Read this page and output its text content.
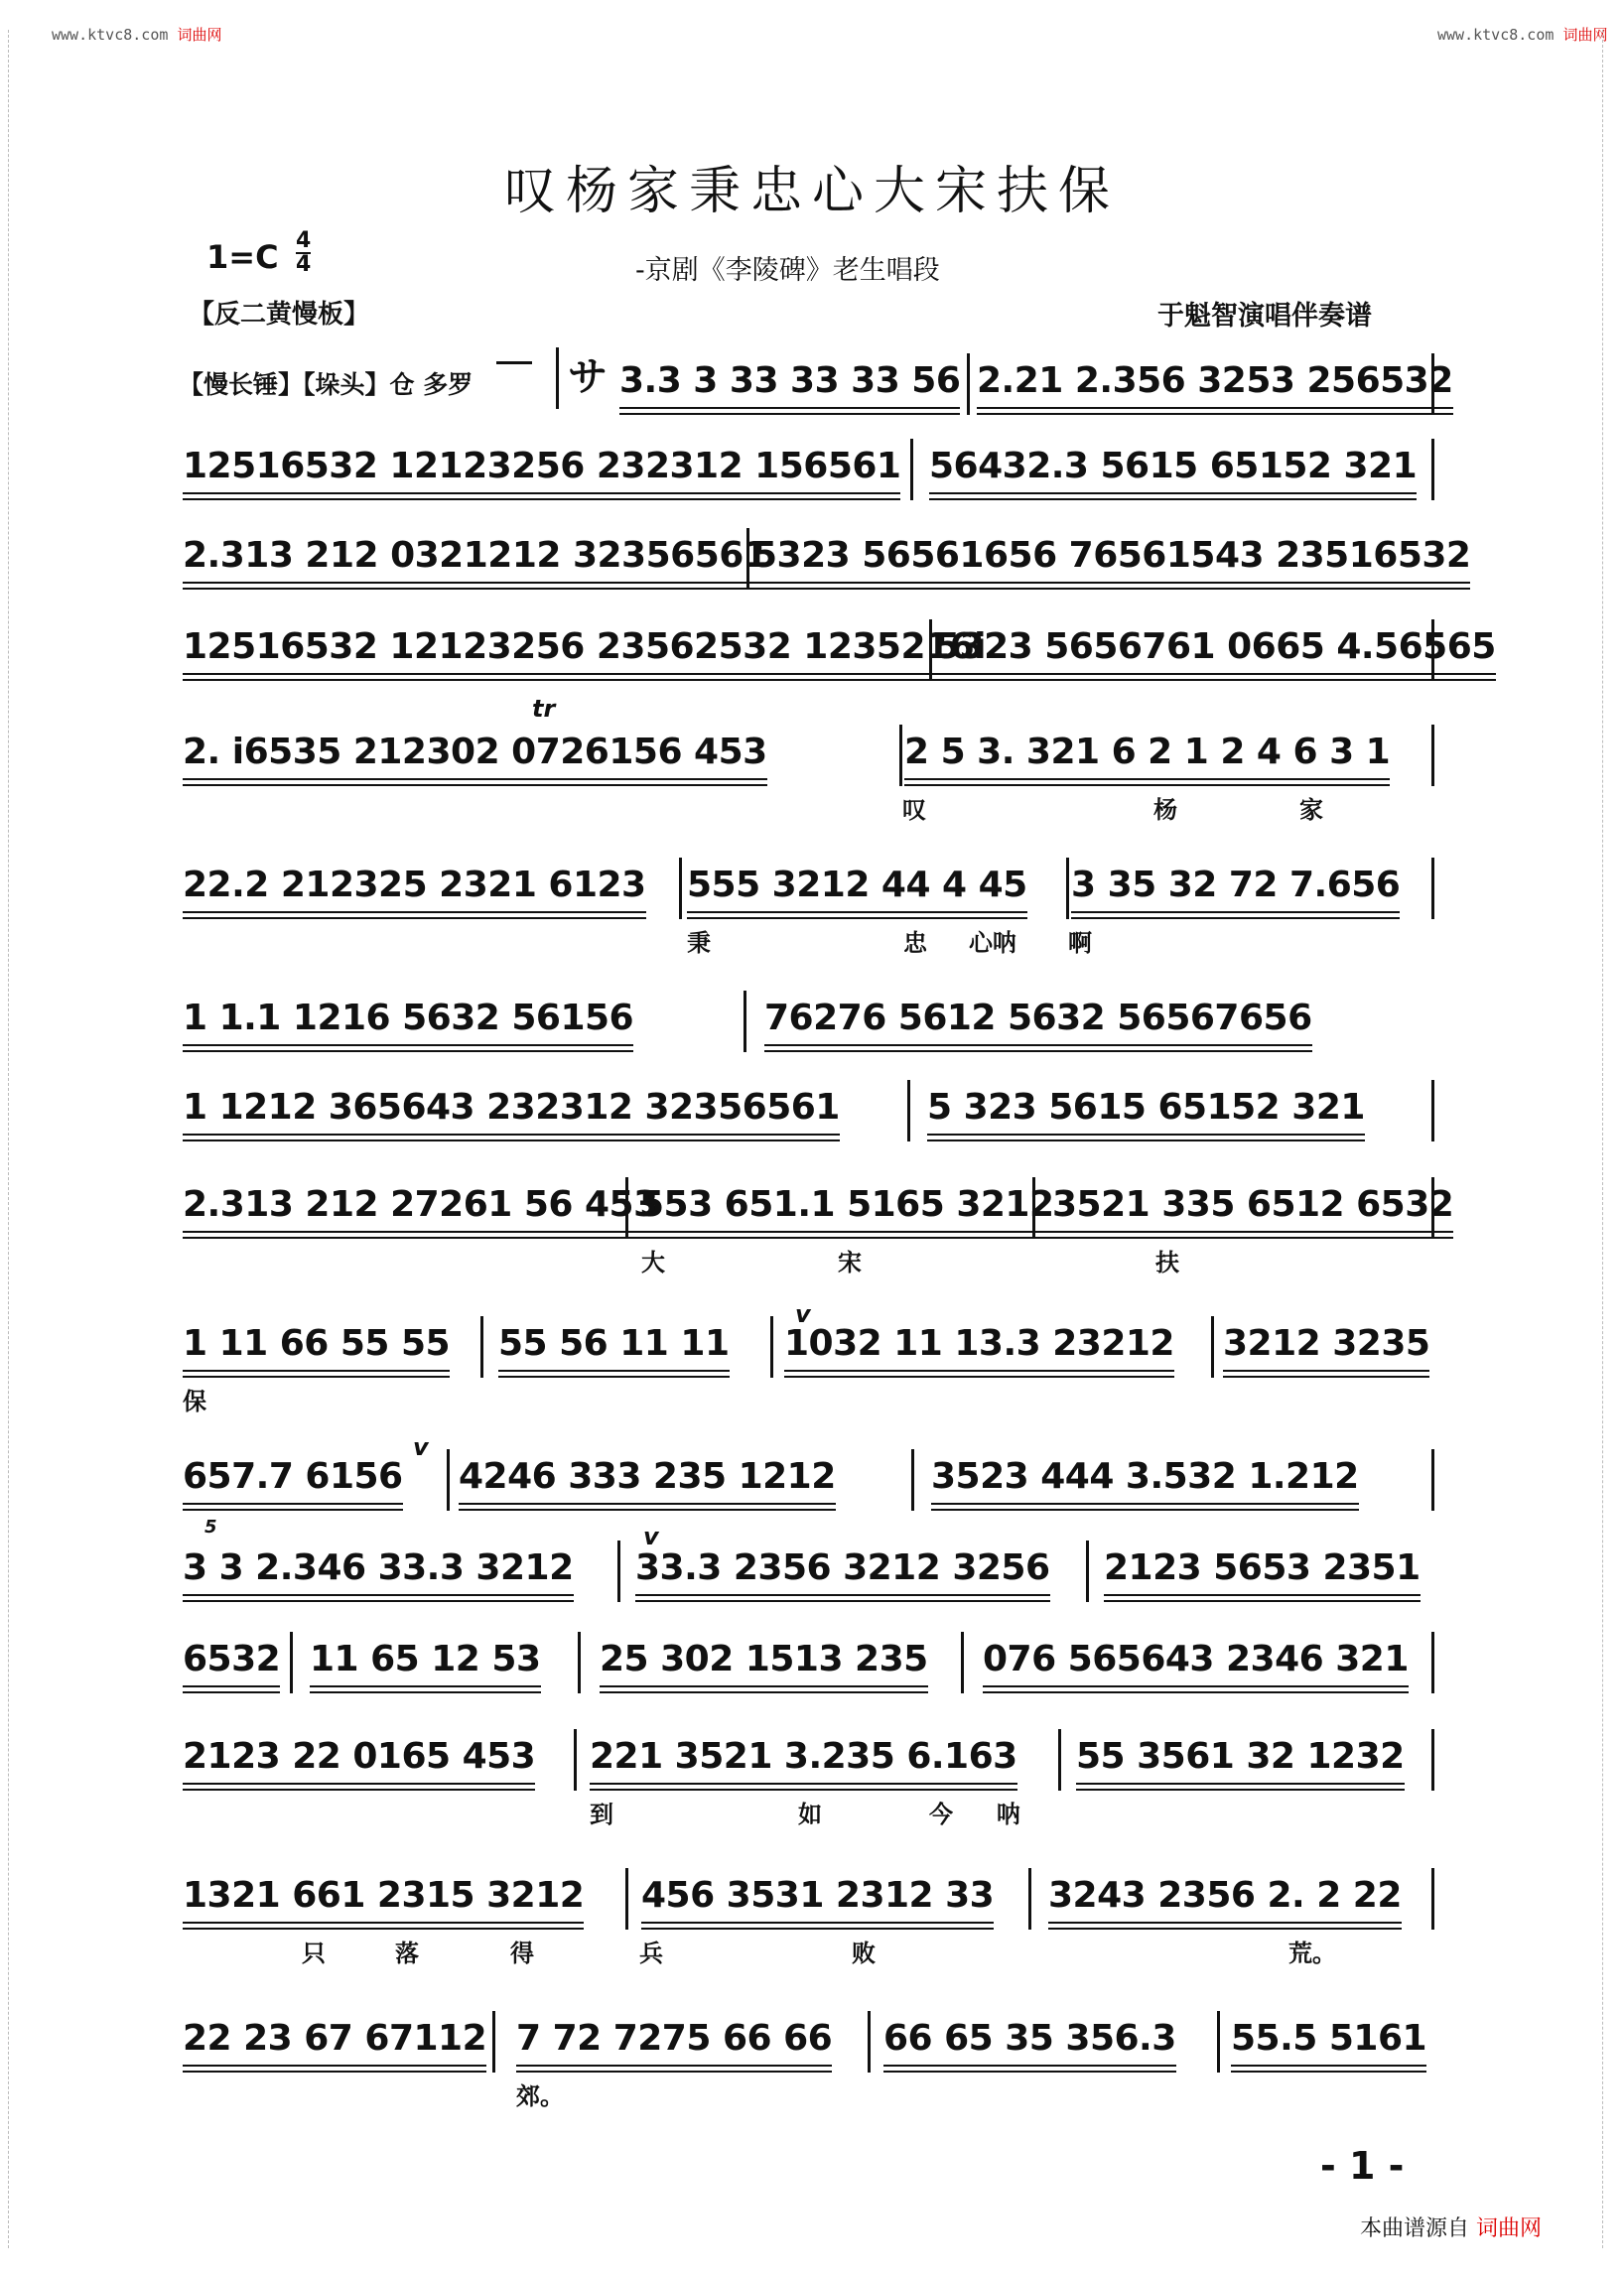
www.ktvc8.com 词曲网	www.ktvc8.com 词曲网
叹杨家秉忠心大宋扶保
1=C 4
4	-京剧《李陵碑》老生唱段
【反二黄慢板】	于魁智演唱伴奏谱
【慢长锤】【垛头】仓 多罗 サ 3.3 3 33 33 33 56 2.21 2.356 3253 256532
12516532 12123256 232312 156561 56432.3 5615 65152 321
2.313 212 0321212 32356561
5323 56561656 76561543 23516532
12516532 12123256 23562532 1235216i
5323 5656761 0665 4.56565
tr
2. i6535 212302 0726156 453	2 5 3. 321 6 2 1 2 4 6 3 1
叹	杨	家
22.2 212325 2321 6123 555 3212 44 4 45 3 35 32 72 7.656
秉	忠 心呐 啊
1 1.1 1216 5632 56156	76276 5612 5632 56567656
1 1212 365643 232312 32356561 5 323 5615 65152 321
2.313 212 27261 56 453
553 651.1 5165 3212
3521 335 6512 6532
大	宋	扶
v
1 11 66 55 55 55 56 11 11 1032 11 13.3 23212 3212 3235
保
v
657.7 6156 4246 333 235 1212	3523 444 3.532 1.212
5	v
3 3 2.346 33.3 3212 33.3 2356 3212 3256 2123 5653 2351
6532 11 65 12 53 25 302 1513 235 076 565643 2346 321
2123 22 0165 453 221 3521 3.235 6.163 55 3561 32 1232
到	如	今 呐
1321 661 2315 3212 456 3531 2312 33 3243 2356 2. 2 22
只	落	得	兵	败	荒。
22 23 67 67112 7 72 7275 66 66 66 65 35 356.3 55.5 5161
郊。
- 1 -
本曲谱源自 词曲网
